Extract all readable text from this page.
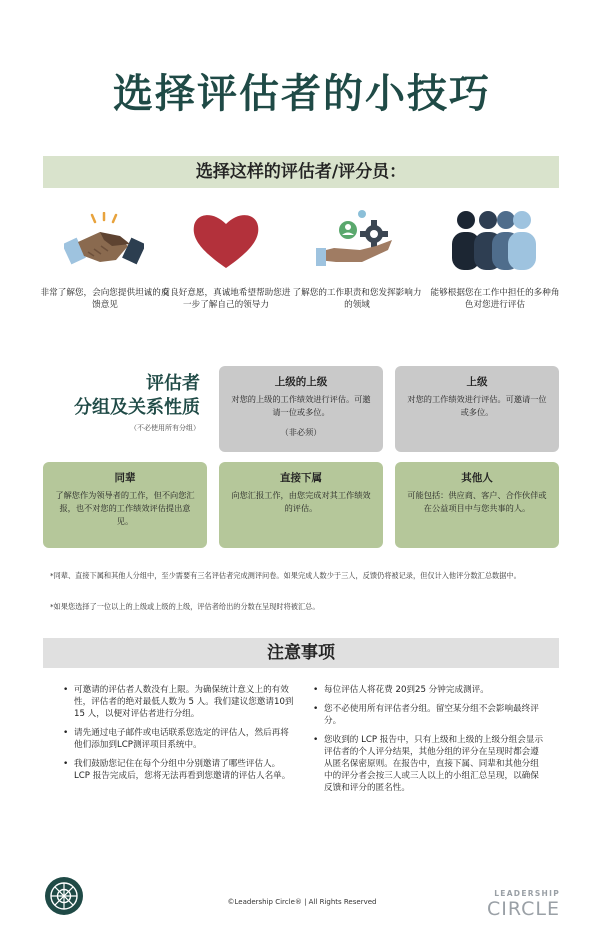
选择评估者的小技巧
选择这样的评估者/评分员：
非常了解您，会向您提供坦诚的反馈意见
有良好意愿，真诚地希望帮助您进一步了解自己的领导力
了解您的工作职责和您发挥影响力的领域
能够根据您在工作中担任的多种角色对您进行评估
评估者
分组及关系性质
（不必使用所有分组）
上级的上级
对您的上级的工作绩效进行评估。可邀请一位或多位。
（非必须）
上级
对您的工作绩效进行评估。可邀请一位或多位。
同辈
了解您作为领导者的工作，但不向您汇报，也不对您的工作绩效评估提出意见。
直接下属
向您汇报工作，由您完成对其工作绩效的评估。
其他人
可能包括：供应商、客户、合作伙伴或在公益项目中与您共事的人。
*同辈、直接下属和其他人分组中，至少需要有三名评估者完成测评问卷。如果完成人数少于三人，反馈仍将被记录，但仅计入他评分数汇总数据中。
*如果您选择了一位以上的上级或上级的上级，评估者给出的分数在呈现时将被汇总。
注意事项
• 可邀请的评估者人数没有上限。为确保统计意义上的有效性，评估者的绝对最低人数为 5 人。我们建议您邀请10到15 人，以便对评估者进行分组。
• 请先通过电子邮件或电话联系您选定的评估人，然后再将他们添加到LCP测评项目系统中。
• 我们鼓励您记住在每个分组中分别邀请了哪些评估人。LCP 报告完成后，您将无法再看到您邀请的评估人名单。
• 每位评估人将花费 20到25 分钟完成测评。
• 您不必使用所有评估者分组。留空某分组不会影响最终评分。
• 您收到的 LCP 报告中，只有上级和上级的上级分组会显示评估者的个人评分结果，其他分组的评分在呈现时都会遵从匿名保密原则。在报告中，直接下属、同辈和其他分组中的评分者会按三人或三人以上的小组汇总呈现，以确保反馈和评分的匿名性。
©Leadership Circle® | All Rights Reserved
LEADERSHIP
CIRCLE
